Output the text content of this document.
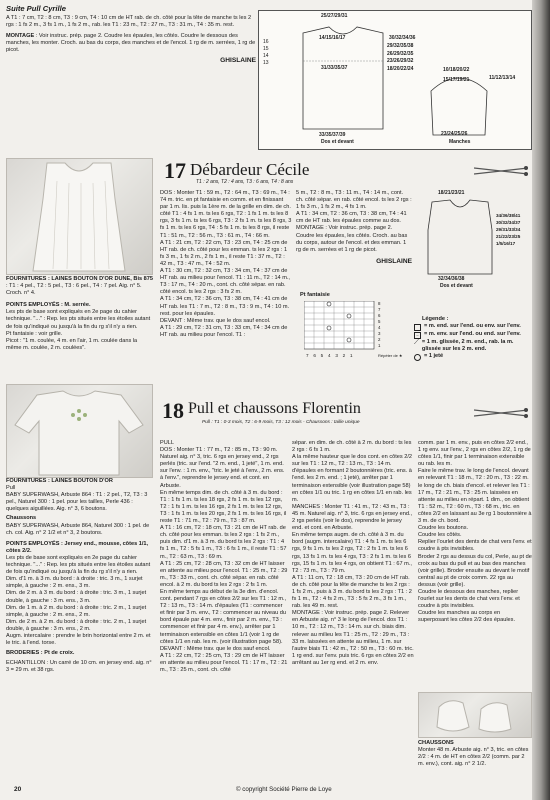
Suite Pull Cyrille
A T1 : 7 cm, T2 : 8 cm, T3 : 9 cm, T4 : 10 cm de HT rab. de ch. côté pour la tête de manche ts les 2 rgs : 1 fs 2 m., 3 fs 1 m., 1 fs 2 m., rab. les T1 : 23 m., T2 : 27 m., T3 : 31 m., T4 : 35 m. rest.
MONTAGE : Voir instruc. prép. page 2. Coudre les épaules, les côtés. Coudre le dessous des manches, les monter. Croch. au bas du corps, des manches et de l'encol. 1 rg de m. serrées, 1 rg de picot.
GHISLAINE
16
15
14
13
25/27/29/31
14/15/16/17	30/32/34/36
29/32/35/38
26/29/32/35
23/26/29/32
18/20/22/24
31/33/35/37
33/35/37/39
Dos et devant
10/18/20/22
11/12/13/14
15/17/19/21
23/24/25/26
Manches
17 Débardeur Cécile
T1 : 2 ans, T2 : 4 ans, T3 : 6 ans, T4 : 8 ans
FOURNITURES : LAINES BOUTON D'OR DUNE, Bis 875 : T1 : 4 pel., T2 : 5 pel., T3 : 6 pel., T4 : 7 pel. Aig. n° 5. Croch. n° 4.
POINTS EMPLOYÉS : M. serrée.
Les pts de base sont expliqués en 2e page du cahier technique. "..." : Rep. les pts situés entre les étoiles autant de fois qu'indiqué ou jusqu'à la fin du rg s'il n'y a rien.
Pt fantaisie : voir grille.
Picot : "1 m. coulée, 4 m. en l'air, 1 m. coulée dans la même m. coulée, 2 m. coulées".
DOS : Monter T1 : 59 m., T2 : 64 m., T3 : 69 m., T4 : 74 m. tric. en pt fantaisie en comm. et en finissant par 1 m. lis. puis la 1ère m. de la grille en dim. de ch. côté T1 : 4 fs 1 m. ts les 6 rgs, T2 : 1 fs 1 m. ts les 8 rgs, 3 fs 1 m. ts les 6 rgs, T3 : 2 fs 1 m. ts les 8 rgs, 3 fs 1 m. ts les 6 rgs, T4 : 5 fs 1 m. ts les 8 rgs, il reste T1 : 51 m., T2 : 56 m., T3 : 61 m., T4 : 66 m.
A T1 : 21 cm, T2 : 22 cm, T3 : 23 cm, T4 : 25 cm de HT rab. de ch. côté pour les emman. ts les 2 rgs : 1 fs 3 m., 1 fs 2 m., 2 fs 1 m., il reste T1 : 37 m., T2 : 42 m., T3 : 47 m., T4 : 52 m.
A T1 : 30 cm, T2 : 32 cm, T3 : 34 cm, T4 : 37 cm de HT rab. au milieu pour l'encol. T1 : 11 m., T2 : 14 m., T3 : 17 m., T4 : 20 m., cont. ch. côté sépar. en rab. côté encol. ts les 2 rgs : 3 fs 2 m.
A T1 : 34 cm, T2 : 36 cm, T3 : 38 cm, T4 : 41 cm de HT rab. les T1 : 7 m., T2 : 8 m., T3 : 9 m., T4 : 10 m. rest. pour les épaules.
DEVANT : Même trav. que le dos sauf encol.
A T1 : 29 cm, T2 : 31 cm, T3 : 33 cm, T4 : 34 cm de HT rab. au milieu pour l'encol. T1 :
5 m., T2 : 8 m., T3 : 11 m., T4 : 14 m., cont. ch. côté sépar. en rab. côté encol. ts les 2 rgs : 1 fs 3 m., 1 fs 2 m., 4 fs 1 m.
A T1 : 34 cm, T2 : 36 cm, T3 : 38 cm, T4 : 41 cm de HT rab. les épaules comme au dos.
MONTAGE : Voir instruc. prép. page 2. Coudre les épaules, les côtés. Croch. au bas du corps, autour de l'encol. et des emman. 1 rg de m. serrées et 1 rg de picot.
GHISLAINE
18/21/23/21
34/36/38/41
30/32/34/37
29/31/33/34
21/22/23/25
1/5/16/17
32/34/36/38
Dos et devant
Pt fantaisie
8 7 6 5 4 3 2 1
7 6 5 4 3 2 1	Répéter de ★
Légende :
= m. end. sur l'end. ou env. sur l'env.
– = m. env. sur l'end. ou end. sur l'env.
⟋ = 1 m. glissée, 2 m. end., rab. la m. glissée sur les 2 m. end.
= 1 jeté
18 Pull et chaussons Florentin
Pull : T1 : 0-3 mois, T2 : 6-9 mois, T3 : 12 mois - Chaussons : taille unique
FOURNITURES : LAINES BOUTON D'OR
Pull
BABY SUPERWASH, Arbuste 864 : T1 : 2 pel., T2, T3 : 3 pel., Naturel 300 : 1 pel. pour les tailles, Perle 436 : quelques aiguillées. Aig. n° 3, 6 boutons.
Chaussons
BABY SUPERWASH, Arbuste 864, Naturel 300 : 1 pel. de ch. col. Aig. n° 2 1/2 et n° 3, 2 boutons.
POINTS EMPLOYÉS : Jersey end., mousse, côtes 1/1, côtes 2/2.
Les pts de base sont expliqués en 2e page du cahier technique. "..." : Rep. les pts situés entre les étoiles autant de fois qu'indiqué ou jusqu'à la fin du rg s'il n'y a rien.
Dim. d'1 m. à 3 m. du bord : à droite : tric. 3 m., 1 surjet simple, à gauche : 2 m. ens., 3 m.
Dim. de 2 m. à 3 m. du bord : à droite : tric. 3 m., 1 surjet double, à gauche : 3 m. ens., 3 m.
Dim. de 1 m. à 2 m. du bord : à droite : tric. 2 m., 1 surjet simple, à gauche : 2 m. ens., 2 m.
Dim. de 2 m. à 2 m. du bord : à droite : tric. 2 m., 1 surjet double, à gauche : 3 m. ens., 2 m.
Augm. intercalaire : prendre le brin horizontal entre 2 m. et le tric. à l'end. torse.
BRODERIES : Pt de croix.
ECHANTILLON : Un carré de 10 cm. en jersey end. aig. n° 3 = 29 m. et 38 rgs.
PULL
DOS : Monter T1 : 77 m., T2 : 85 m., T3 : 90 m. Naturel aig. n° 3, tric. 6 rgs en jersey end., 2 rgs perlés (tric. sur l'end. "2 m. end., 1 jeté", 1 m. end. sur l'env. : 1 m. env., "tric. le jeté à l'env., 2 m. ens. à l'env.", reprendre le jersey end. et cont. en Arbuste.
En même temps dim. de ch. côté à 3 m. du bord : T1 : 1 fs 1 m. ts les 18 rgs, 2 fs 1 m. ts les 12 rgs, T2 : 1 fs 1 m. ts les 16 rgs, 2 fs 1 m. ts les 12 rgs, T3 : 1 fs 1 m. ts les 20 rgs, 2 fs 1 m. ts les 16 rgs, il reste T1 : 71 m., T2 : 79 m., T3 : 87 m.
A T1 : 16 cm, T2 : 18 cm, T3 : 21 cm de HT rab. de ch. côté pour les emman. ts les 2 rgs : 1 fs 2 m., puis dim. d'1 m. à 3 m. du bord ts les 2 rgs : T1 : 4 fs 1 m., T2 : 5 fs 1 m., T3 : 6 fs 1 m., il reste T1 : 57 m., T2 : 63 m., T3 : 69 m.
A T1 : 25 cm, T2 : 28 cm, T3 : 32 cm de HT laisser en attente au milieu pour l'encol. T1 : 25 m., T2 : 29 m., T3 : 33 m., cont. ch. côté sépar. en rab. côté encol. à 2 m. du bord ts les 2 rgs : 2 fs 1 m.
En même temps au début de la 3e dim. d'encol. cont. pendant 7 rgs en côtes 2/2 sur les T1 : 12 m., T2 : 13 m., T3 : 14 m. d'épaules (T1 : commencer et finir par 3 m. env., T2 : commencer au niveau du bord épaule par 4 m. env., finir par 2 m. env., T3 : commencer et finir par 4 m. env.), arrêter par 1 terminaison extensible en côtes 1/1 (voir 1 rg de côtes 1/1 en rab. les m. (voir illustration page 58).
DEVANT : Même trav. que le dos sauf encol.
A T1 : 22 cm, T2 : 25 cm, T3 : 29 cm de HT laisser en attente au milieu pour l'encol. T1 : 17 m., T2 : 21 m., T3 : 25 m., cont. ch. côté
sépar. en dim. de ch. côté à 2 m. du bord : ts les 2 rgs : 6 fs 1 m.
A la même hauteur que le dos cont. en côtes 2/2 sur les T1 : 12 m., T2 : 13 m., T3 : 14 m. d'épaules en formant 2 boutonnières (tric. ens. à l'end. les 2 m. end. ; 1 jeté), arrêter par 1 terminaison extensible (voir illustration page 58) en côtes 1/1 ou tric. 1 rg en côtes 1/1 en rab. les m.
MANCHES : Monter T1 : 41 m., T2 : 43 m., T3 : 45 m. Naturel aig. n° 3, tric. 6 rgs en jersey end., 2 rgs perlés (voir le dos), reprendre le jersey end. et cont. en Arbuste.
En même temps augm. de ch. côté à 3 m. du bord (augm. intercalaire) T1 : 4 fs 1 m. ts les 6 rgs, 9 fs 1 m. ts les 2 rgs, T2 : 2 fs 1 m. ts les 6 rgs, 13 fs 1 m. ts les 4 rgs, T3 : 2 fs 1 m. ts les 6 rgs, 15 fs 1 m. ts les 4 rgs, on obtient T1 : 67 m., T2 : 73 m., T3 : 79 m.
A T1 : 11 cm, T2 : 18 cm, T3 : 20 cm de HT rab. de ch. côté pour la tête de manche ts les 2 rgs : 1 fs 2 m., puis à 3 m. du bord ts les 2 rgs : T1 : 2 fs 1 m., T2 : 4 fs 2 m., T3 : 5 fs 2 m., 3 fs 1 m., rab. les 49 m. rest.
MONTAGE : Voir instruc. prép. page 2. Relever en Arbuste aig. n° 3 le long de l'encol. dos T1 : 10 m., T2 : 12 m., T3 : 14 m. sur ch. biais dim. relever au milieu les T1 : 25 m., T2 : 29 m., T3 : 33 m. laissées en attente au milieu, 1 m. sur l'autre biais T1 : 42 m., T2 : 50 m., T3 : 60 m. tric. 1 rg end. sur l'env. puis tric. 6 rgs en côtes 2/2 en arrêtant au 1er rg end. et 2 m. env.
comm. par 1 m. env., puis en côtes 2/2 end., 1 rg env. sur l'env., 2 rgs en côtes 2/2, 1 rg de côtes 1/1, finir par 1 terminaison extensible ou rab. les m.
Faire le même trav. le long de l'encol. devant en relevant T1 : 18 m., T2 : 20 m., T3 : 22 m. le long de ch. biais d'encol. et relever les T1 : 17 m., T2 : 21 m., T3 : 25 m. laissées en attente au milieu en répart. 1 dim., on obtient T1 : 52 m., T2 : 60 m., T3 : 68 m., tric. en côtes 2/2 en laissant au 3e rg 1 boutonnière à 3 m. de ch. bord.
Coudre les boutons.
Coudre les côtés.
Replier l'ourlet des dents de chat vers l'env. et coudre à pts invisibles.
Broder 2 rgs au dessus du col, Perle, au pt de croix au bas du pull et au bas des manches (voir grille). Broder ensuite au devant le motif central au pt de croix comm. 22 rgs au dessus (voir grille).
Coudre le dessous des manches, replier l'ourlet sur les dents de chat vers l'env. et coudre à pts invisibles.
Coudre les manches au corps en superposant les côtes 2/2 des épaules.
CHAUSSONS
Monter 48 m. Arbuste aig. n° 3, tric. en côtes 2/2 : 4 m. de HT en côtes 2/2 (comm. par 2 m. env.), cont. aig. n° 2 1/2.
20	© copyright Société Pierre de Loye
